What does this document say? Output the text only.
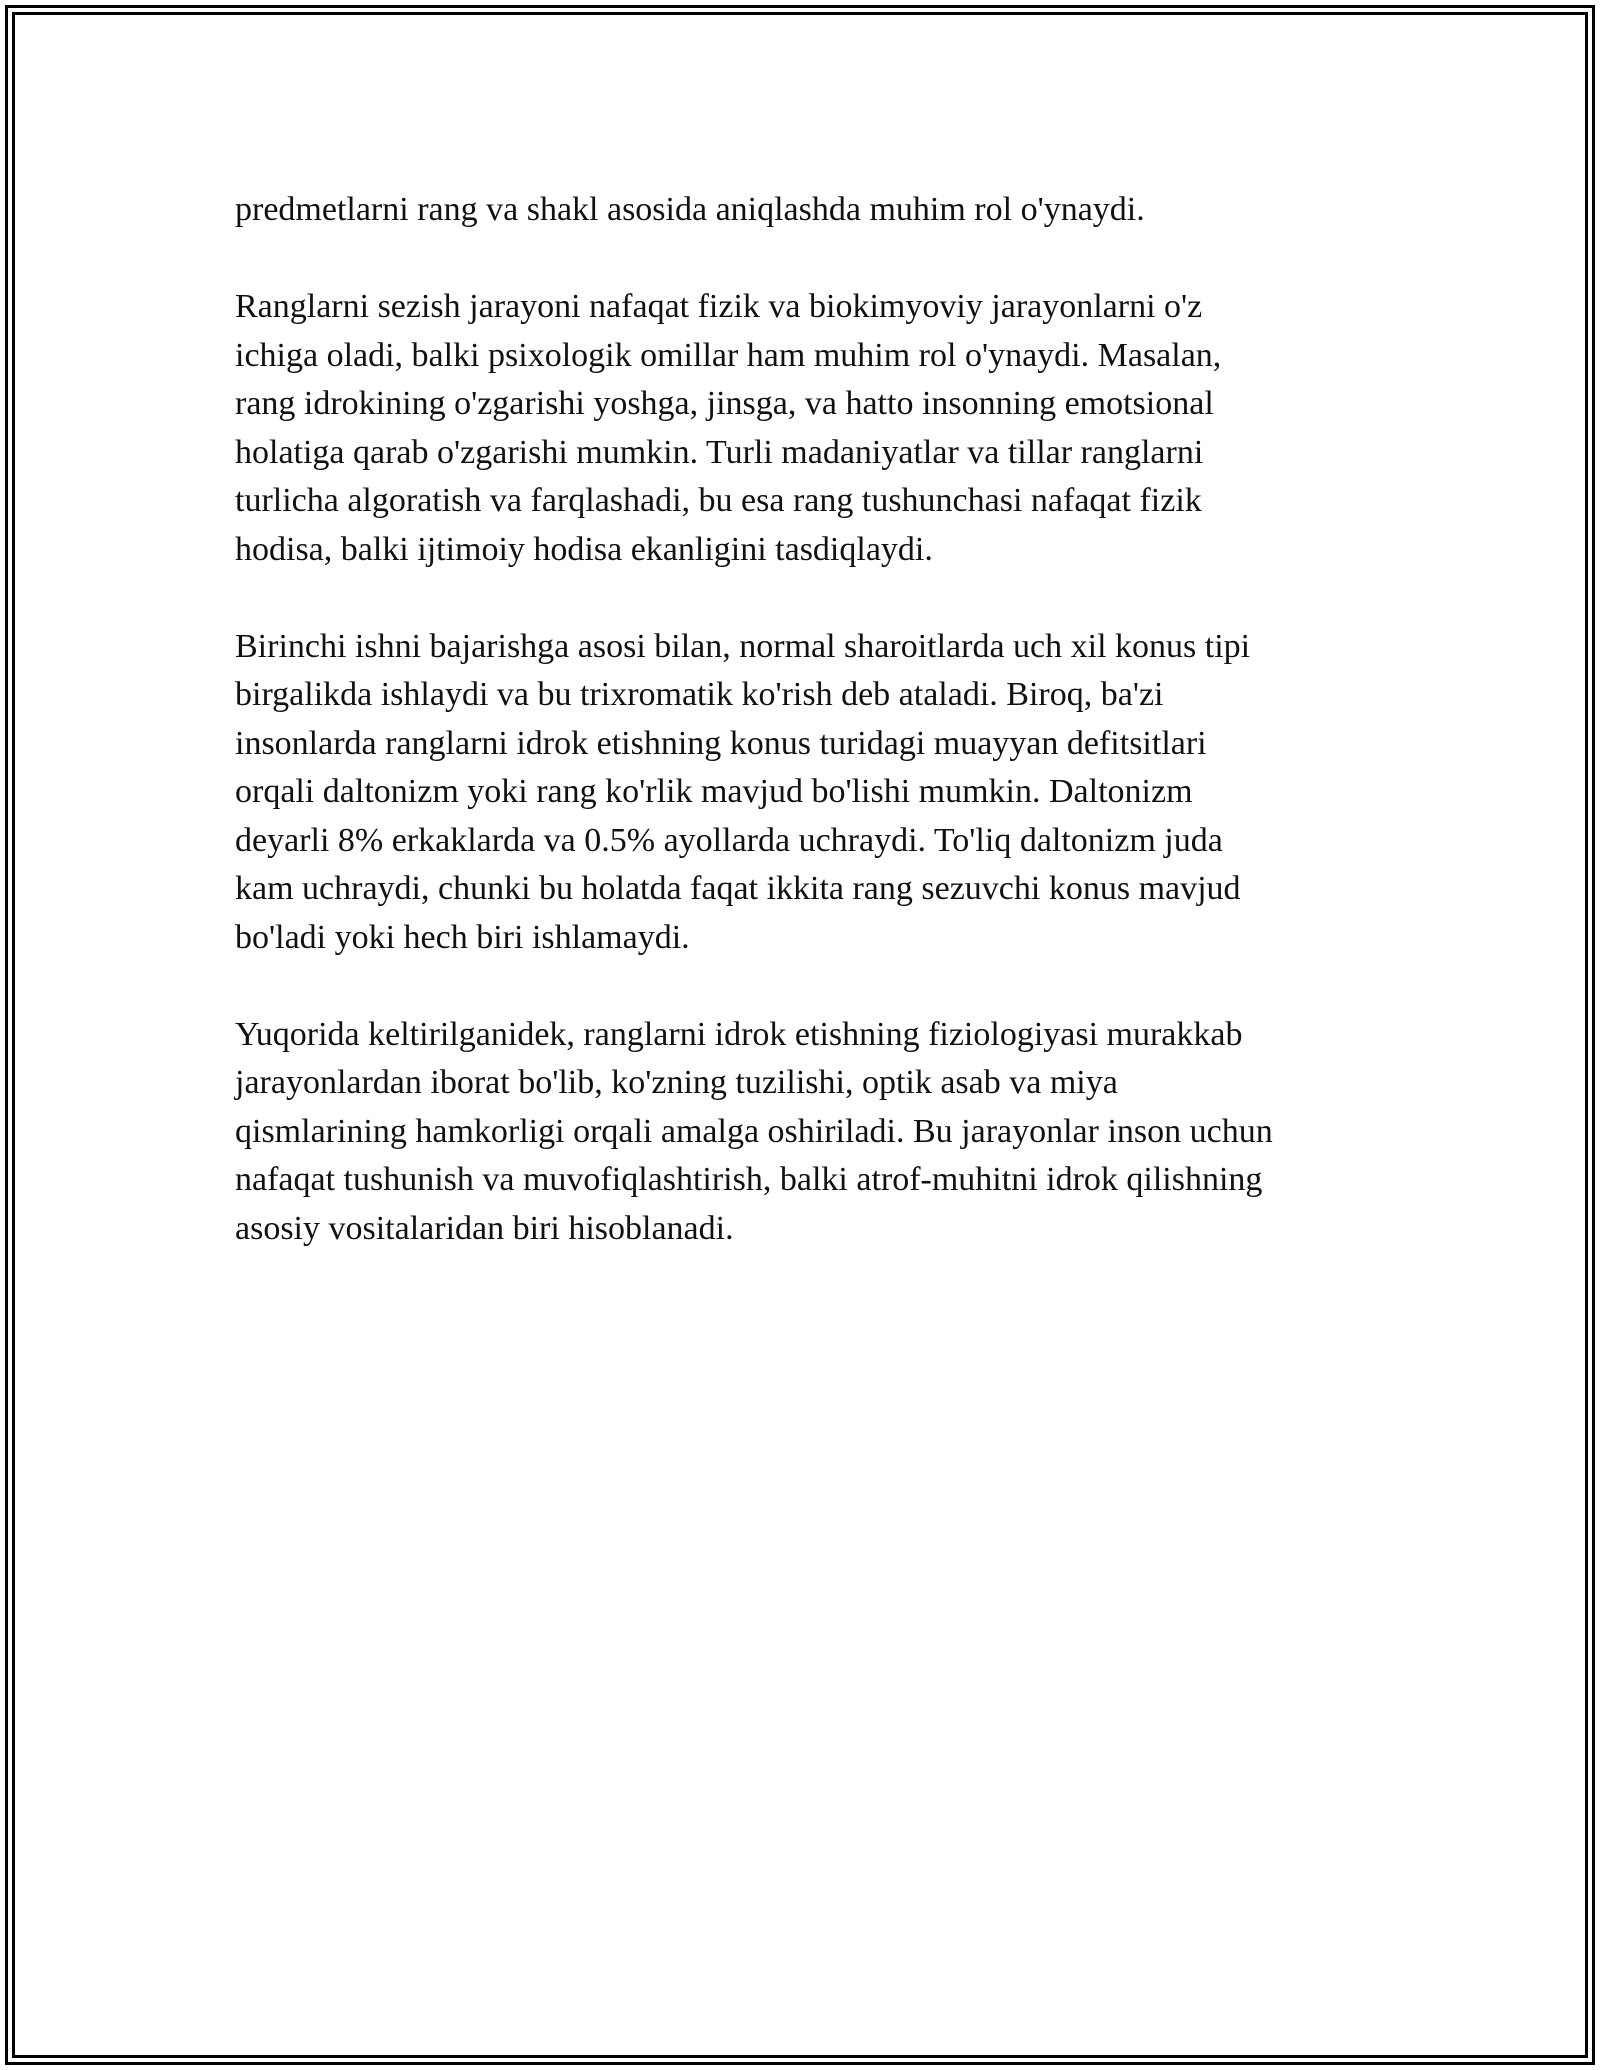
predmetlarni rang va shakl asosida aniqlashda muhim rol o'ynaydi.
Ranglarni sezish jarayoni nafaqat fizik va biokimyoviy jarayonlarni o'z
ichiga oladi, balki psixologik omillar ham muhim rol o'ynaydi. Masalan,
rang idrokining o'zgarishi yoshga, jinsga, va hatto insonning emotsional
holatiga qarab o'zgarishi mumkin. Turli madaniyatlar va tillar ranglarni
turlicha algoratish va farqlashadi, bu esa rang tushunchasi nafaqat fizik
hodisa, balki ijtimoiy hodisa ekanligini tasdiqlaydi.
Birinchi ishni bajarishga asosi bilan, normal sharoitlarda uch xil konus tipi
birgalikda ishlaydi va bu trixromatik ko'rish deb ataladi. Biroq, ba'zi
insonlarda ranglarni idrok etishning konus turidagi muayyan defitsitlari
orqali daltonizm yoki rang ko'rlik mavjud bo'lishi mumkin. Daltonizm
deyarli 8% erkaklarda va 0.5% ayollarda uchraydi. To'liq daltonizm juda
kam uchraydi, chunki bu holatda faqat ikkita rang sezuvchi konus mavjud
bo'ladi yoki hech biri ishlamaydi.
Yuqorida keltirilganidek, ranglarni idrok etishning fiziologiyasi murakkab
jarayonlardan iborat bo'lib, ko'zning tuzilishi, optik asab va miya
qismlarining hamkorligi orqali amalga oshiriladi. Bu jarayonlar inson uchun
nafaqat tushunish va muvofiqlashtirish, balki atrof-muhitni idrok qilishning
asosiy vositalaridan biri hisoblanadi.
